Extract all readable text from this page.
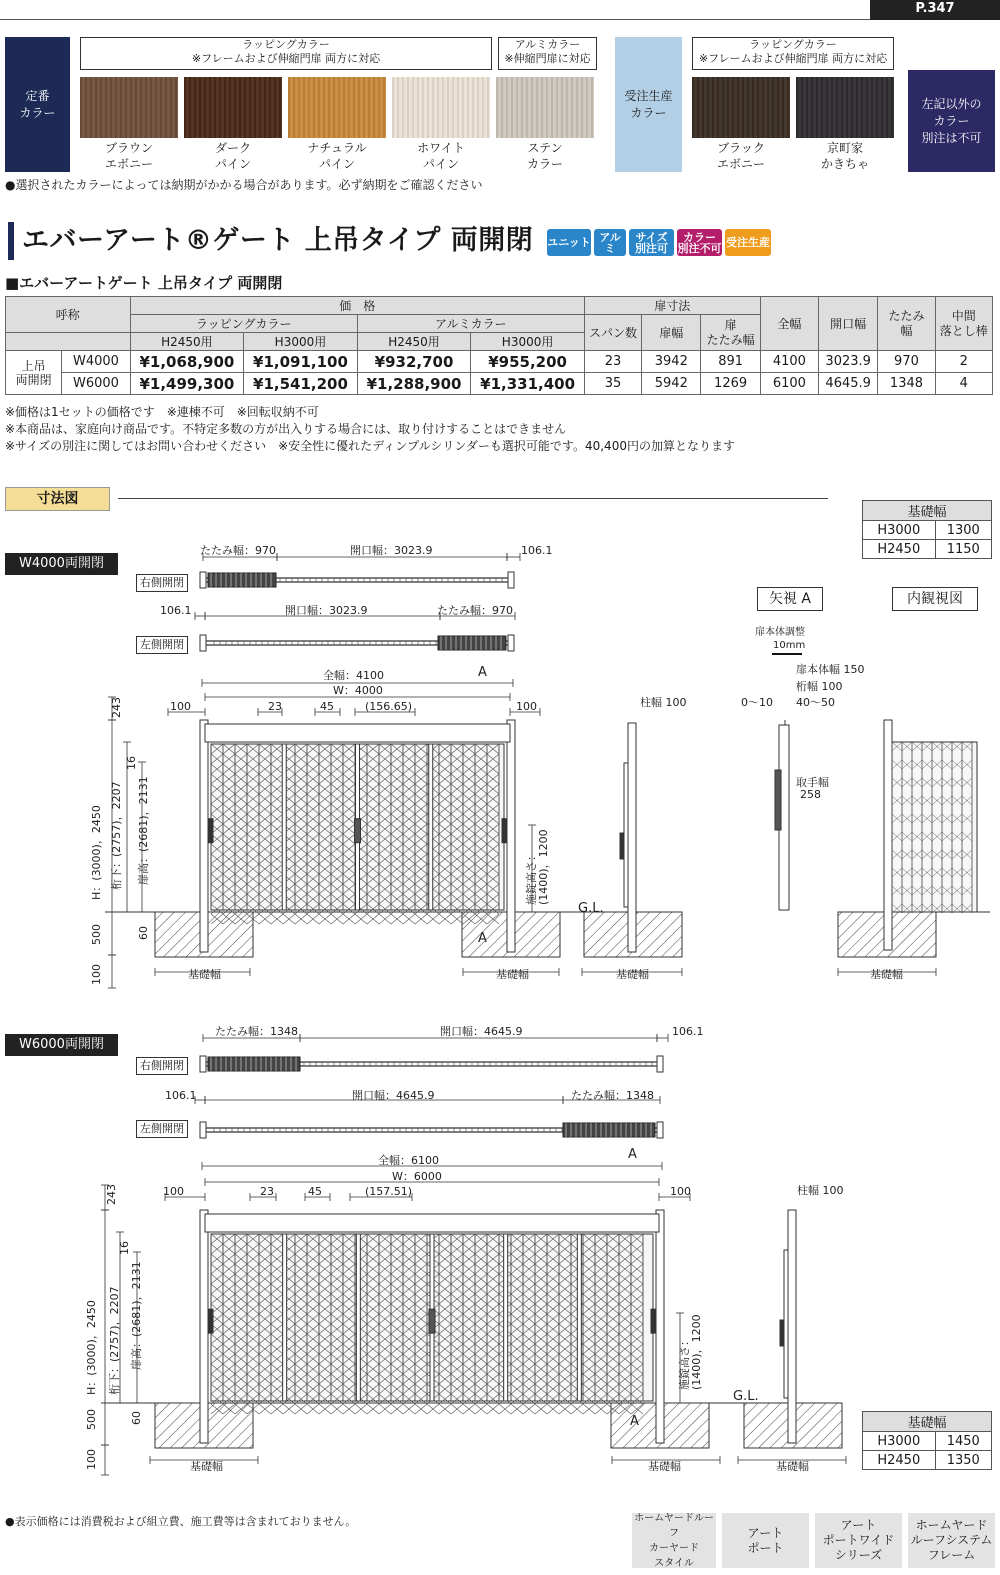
P.347
定番
カラー
ラッピングカラー
※フレームおよび伸縮門扉 両方に対応
アルミカラー
※伸縮門扉に対応
ブラウン
エボニー
ダーク
パイン
ナチュラル
パイン
ホワイト
パイン
ステン
カラー
受注生産
カラー
ラッピングカラー
※フレームおよび伸縮門扉 両方に対応
ブラック
エボニー
京町家
かきちゃ
左記以外の
カラー
別注は不可
●選択されたカラーによっては納期がかかる場合があります。必ず納期をご確認ください
エバーアート®ゲート 上吊タイプ 両開閉 ユニット アルミ
サイズ
別注可
カラー
別注不可 受注生産
■エバーアートゲート 上吊タイプ 両開閉
呼称		価　格				扉寸法			全幅	開口幅	たたみ
幅	中間
落とし棒
		ラッピングカラー		アルミカラー		スパン数	扉幅	扉
たたみ幅				
		H2450用	H3000用	H2450用	H3000用							
上吊
両開閉	W4000	¥1,068,900	¥1,091,100	¥932,700	¥955,200	23	3942	891	4100	3023.9	970	2
	W6000	¥1,499,300	¥1,541,200	¥1,288,900	¥1,331,400	35	5942	1269	6100	4645.9	1348	4
※価格は1セットの価格です　※連棟不可　※回転収納不可
※本商品は、家庭向け商品です。不特定多数の方が出入りする場合には、取り付けすることはできません
※サイズの別注に関してはお問い合わせください　※安全性に優れたディンプルシリンダーも選択可能です。40,400円の加算となります
寸法図
基礎幅	
H3000	1300
H2450	1150
矢視 A	内観視図
W4000両開閉
右側開閉
左側開閉
W6000両開閉
右側開閉
左側開閉
基礎幅	
H3000	1450
H2450	1350
たたみ幅：970	開口幅：3023.9	106.1
106.1	開口幅：3023.9	たたみ幅：970
全幅：4100
W：4000
A
100	100
23	45	(156.65)
H：(3000)，2450 桁下：(2757)，2207 扉高：(2681)，2131
243
16
500
100
60
施錠高さ：(1400)，1200
A
基礎幅	基礎幅
柱幅 100
基礎幅
G.L.
扉本体調整
10mm
扉本体幅 150
桁幅 100
0〜10 40〜50
取手幅
258
基礎幅
たたみ幅：1348	開口幅：4645.9	106.1
106.1	開口幅：4645.9	たたみ幅：1348
全幅：6100
W：6000
A
100	100
23	45	(157.51)
H：(3000)，2450 桁下：(2757)，2207 扉高：(2681)，2131
243
16
500
100
60
施錠高さ：(1400)，1200
A
基礎幅	基礎幅
柱幅 100
基礎幅
G.L.
●表示価格には消費税および組立費、施工費等は含まれておりません。	ホームヤードルーフ
カーヤード
スタイル
アート
ポート
アート
ポートワイド
シリーズ
ホームヤード
ルーフシステム
フレーム
